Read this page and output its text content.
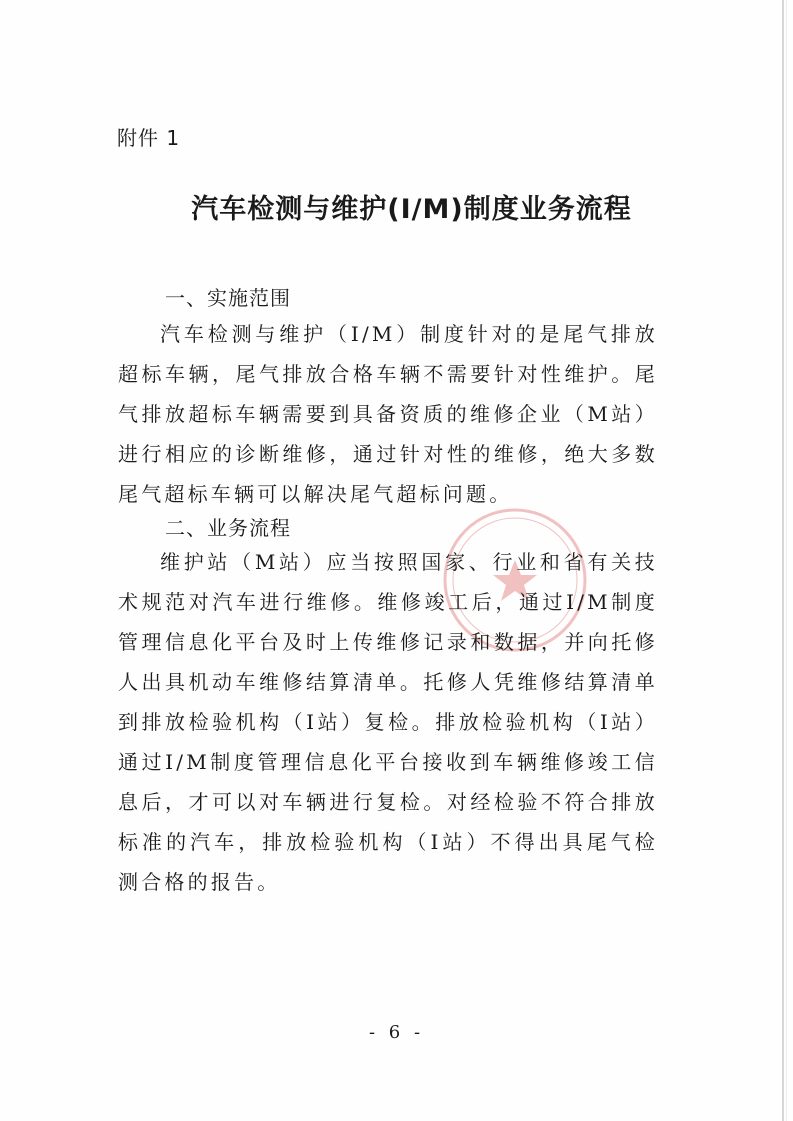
附件 1
汽车检测与维护(I/M)制度业务流程
一、实施范围

汽车检测与维护（I/M）制度针对的是尾气排放超标车辆，尾气排放合格车辆不需要针对性维护。尾气排放超标车辆需要到具备资质的维修企业（M站）进行相应的诊断维修，通过针对性的维修，绝大多数尾气超标车辆可以解决尾气超标问题。

二、业务流程

维护站（M站）应当按照国家、行业和省有关技术规范对汽车进行维修。维修竣工后，通过I/M制度管理信息化平台及时上传维修记录和数据，并向托修人出具机动车维修结算清单。托修人凭维修结算清单到排放检验机构（I站）复检。排放检验机构（I站）通过I/M制度管理信息化平台接收到车辆维修竣工信息后，才可以对车辆进行复检。对经检验不符合排放标准的汽车，排放检验机构（I站）不得出具尾气检测合格的报告。

- 6 -
